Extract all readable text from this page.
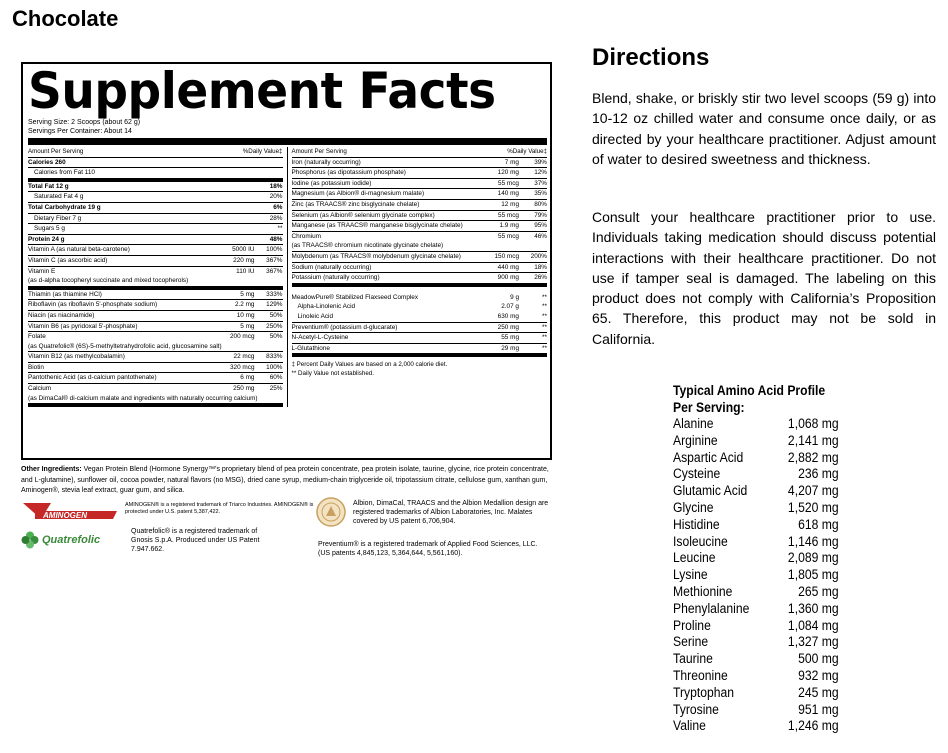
Chocolate
Supplement Facts
Serving Size: 2 Scoops (about 62 g)
Servings Per Container: About 14
Amount Per Serving	%Daily Value‡
Calories 260
Calories from Fat 110
Total Fat 12 g	18%
Saturated Fat 4 g	20%
Total Carbohydrate 19 g	6%
Dietary Fiber 7 g	28%
Sugars 5 g	**
Protein 24 g	48%
Vitamin A (as natural beta-carotene)	5000 IU	100%
Vitamin C (as ascorbic acid)	220 mg	367%
Vitamin E	110 IU	367%
(as d-alpha tocopheryl succinate and mixed tocopherols)
Thiamin (as thiamine HCl)	5 mg	333%
Riboflavin (as riboflavin 5'-phosphate sodium)	2.2 mg	129%
Niacin (as niacinamide)	10 mg	50%
Vitamin B6 (as pyridoxal 5'-phosphate)	5 mg	250%
Folate	200 mcg	50%
(as Quatrefolic® (6S)-5-methyltetrahydrofolic acid, glucosamine salt)
Vitamin B12 (as methylcobalamin)	22 mcg	833%
Biotin	320 mcg	100%
Pantothenic Acid (as d-calcium pantothenate)	6 mg	60%
Calcium	250 mg	25%
(as DimaCal® di-calcium malate and ingredients with naturally occurring calcium)
Amount Per Serving	%Daily Value‡
Iron (naturally occurring)	7 mg	39%
Phosphorus (as dipotassium phosphate)	120 mg	12%
Iodine (as potassium iodide)	55 mcg	37%
Magnesium (as Albion® di-magnesium malate)	140 mg	35%
Zinc (as TRAACS® zinc bisglycinate chelate)	12 mg	80%
Selenium (as Albion® selenium glycinate complex)	55 mcg	79%
Manganese (as TRAACS® manganese bisglycinate chelate)	1.9 mg	95%
Chromium	55 mcg	46%
(as TRAACS® chromium nicotinate glycinate chelate)
Molybdenum (as TRAACS® molybdenum glycinate chelate)	150 mcg	200%
Sodium (naturally occurring)	440 mg	18%
Potassium (naturally occurring)	900 mg	26%
MeadowPure® Stabilized Flaxseed Complex	9 g	**
Alpha-Linolenic Acid	2.07 g	**
Linoleic Acid	630 mg	**
Preventium® (potassium d-glucarate)	250 mg	**
N-Acetyl-L-Cysteine	55 mg	**
L-Glutathione	29 mg	**
‡ Percent Daily Values are based on a 2,000 calorie diet.
** Daily Value not established.
Other Ingredients: Vegan Protein Blend (Hormone Synergy™'s proprietary blend of pea protein concentrate, pea protein isolate, taurine, glycine, rice protein concentrate, and L-glutamine), sunflower oil, cocoa powder, natural flavors (no MSG), dried cane syrup, medium-chain triglyceride oil, tripotassium citrate, cellulose gum, xanthan gum, Aminogen®, stevia leaf extract, guar gum, and silica.
AMINOGEN
AMINOGEN® is a registered trademark of Triarco Industries. AMINOGEN® is protected under U.S. patent 5,387,422.
Quatrefolic
Quatrefolic® is a registered trademark of Gnosis S.p.A. Produced under US Patent 7.947.662.
Albion, DimaCal, TRAACS and the Albion Medallion design are registered trademarks of Albion Laboratories, Inc. Malates covered by US patent 6,706,904.
Preventium® is a registered trademark of Applied Food Sciences, LLC. (US patents 4,845,123, 5,364,644, 5,561,160).
Directions
Blend, shake, or briskly stir two level scoops (59 g) into 10-12 oz chilled water and consume once daily, or as directed by your healthcare practitioner. Adjust amount of water to desired sweetness and thickness.
Consult your healthcare practitioner prior to use. Individuals taking medication should discuss potential interactions with their healthcare practitioner. Do not use if tamper seal is damaged. The labeling on this product does not comply with California’s Proposition 65. Therefore, this product may not be sold in California.
Typical Amino Acid Profile
Per Serving:
Alanine	1,068 mg
Arginine	2,141 mg
Aspartic Acid	2,882 mg
Cysteine	236 mg
Glutamic Acid	4,207 mg
Glycine	1,520 mg
Histidine	618 mg
Isoleucine	1,146 mg
Leucine	2,089 mg
Lysine	1,805 mg
Methionine	265 mg
Phenylalanine	1,360 mg
Proline	1,084 mg
Serine	1,327 mg
Taurine	500 mg
Threonine	932 mg
Tryptophan	245 mg
Tyrosine	951 mg
Valine	1,246 mg
